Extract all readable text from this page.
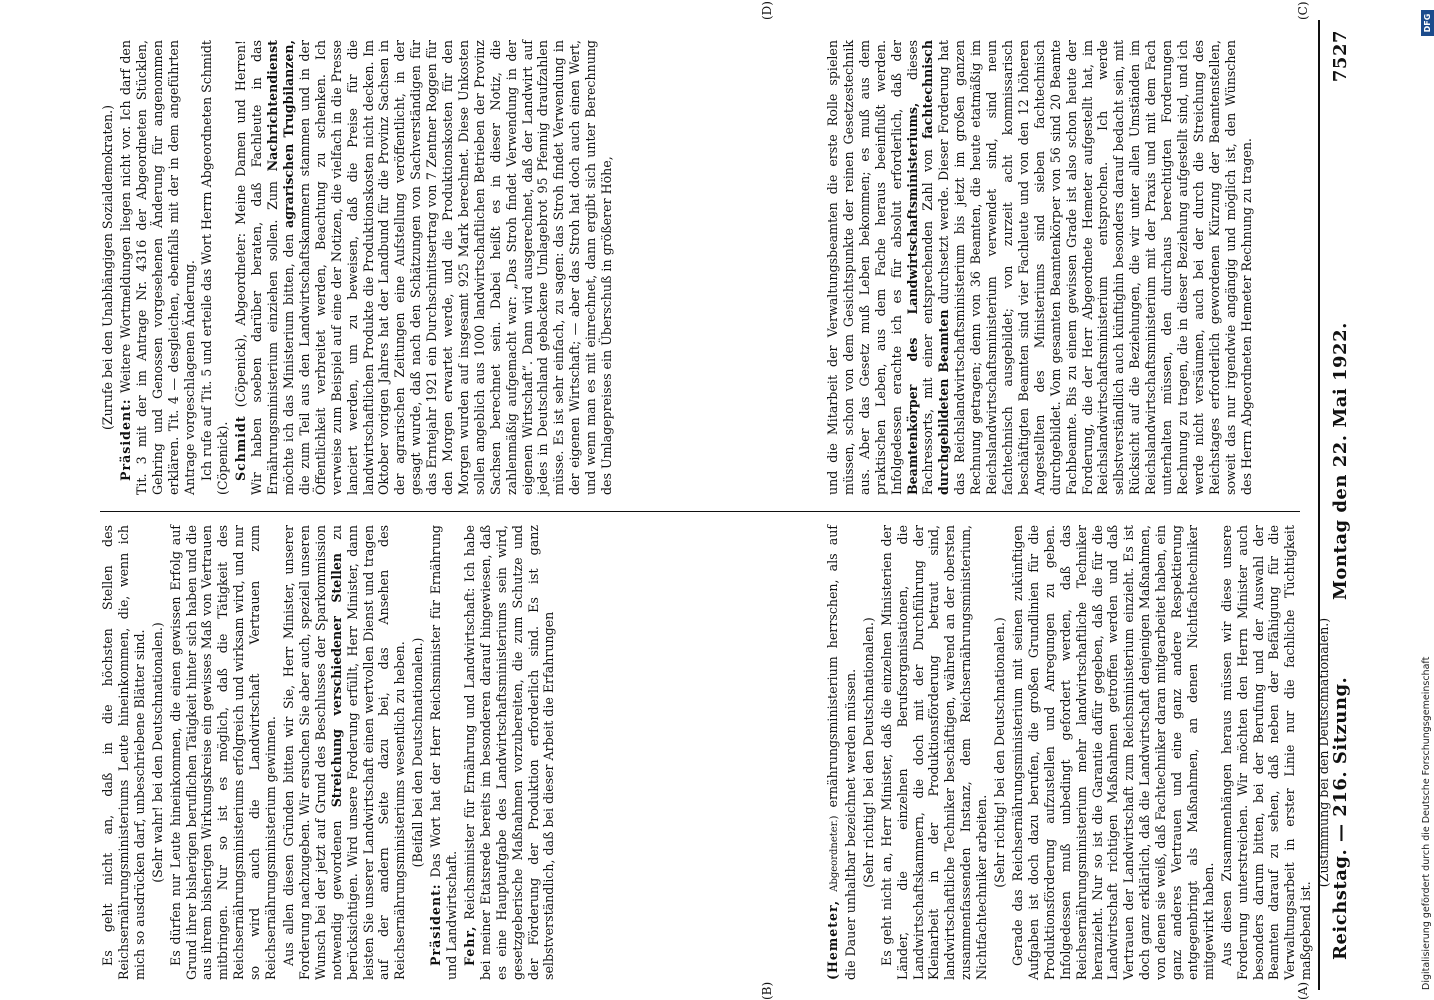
Reichstag. — 216. Sitzung.
Montag den 22. Mai 1922.
7527
(A)
(B)
(C)
(D)

(Hemeter, Abgeordneter.) ernährungsministerium herrschen, als auf die Dauer unhaltbar bezeichnet werden müssen. (Sehr richtig! bei den Deutschnationalen.) Es geht nicht an, Herr Minister, daß die einzelnen Ministerien der Länder, die einzelnen Berufsorganisationen, die Landwirtschaftskammern, die doch mit der Durchführung der Kleinarbeit in der Produktionsförderung betraut sind, landwirtschaftliche Techniker beschäftigen, während an der obersten zusammenfassenden Instanz, dem Reichsernährungsministerium, Nichtfachtechniker arbeiten. (Sehr richtig! bei den Deutschnationalen.) Gerade das Reichsernährungsministerium mit seinen zukünftigen Aufgaben ist doch dazu berufen, die großen Grundlinien für die Produktionsförderung aufzustellen und Anregungen zu geben. Infolgedessen muß unbedingt gefordert werden, daß das Reichsernährungsministerium mehr landwirtschaftliche Techniker heranzieht. Nur so ist die Garantie dafür gegeben, daß die für die Landwirtschaft richtigen Maßnahmen getroffen werden und daß Vertrauen der Landwirtschaft zum Reichsministerium einzieht. Es ist doch ganz erklärlich, daß die Landwirtschaft denjenigen Maßnahmen, von denen sie weiß, daß Fachtechniker daran mitgearbeitet haben, ein ganz anderes Vertrauen und eine ganz andere Respektierung entgegenbringt als Maßnahmen, an denen Nichtfachtechniker mitgewirkt haben. Aus diesen Zusammenhängen heraus müssen wir diese unsere Forderung unterstreichen. Wir möchten den Herrn Minister auch besonders darum bitten, bei der Berufung und der Auswahl der Beamten darauf zu sehen, daß neben der Befähigung für die Verwaltungsarbeit in erster Linie nur die fachliche Tüchtigkeit maßgebend ist.

(Zustimmung bei den Deutschnationalen.)

Es geht nicht an, daß in die höchsten Stellen des Reichsernährungsministeriums Leute hineinkommen, die, wenn ich mich so ausdrücken darf, unbeschriebene Blätter sind. (Sehr wahr! bei den Deutschnationalen.) Es dürfen nur Leute hineinkommen, die einen gewissen Erfolg auf Grund ihrer bisherigen beruflichen Tätigkeit hinter sich haben und die aus ihrem bisherigen Wirkungskreise ein gewisses Maß von Vertrauen mitbringen. Nur so ist es möglich, daß die Tätigkeit des Reichsernährungsministeriums erfolgreich und wirksam wird, und nur so wird auch die Landwirtschaft Vertrauen zum Reichsernährungsministerium gewinnen. Aus allen diesen Gründen bitten wir Sie, Herr Minister, unserer Forderung nachzugeben. Wir ersuchen Sie aber auch, speziell unseren Wunsch bei der jetzt auf Grund des Beschlusses der Sparkommission notwendig gewordenen Streichung verschiedener Stellen zu berücksichtigen. Wird unsere Forderung erfüllt, Herr Minister, dann leisten Sie unserer Landwirtschaft einen wertvollen Dienst und tragen auf der andern Seite dazu bei, das Ansehen des Reichsernährungsministeriums wesentlich zu heben. (Beifall bei den Deutschnationalen.)

Präsident: Das Wort hat der Herr Reichsminister für Ernährung und Landwirtschaft. Fehr, Reichsminister für Ernährung und Landwirtschaft: Ich habe bei meiner Etatsrede bereits im besonderen darauf hingewiesen, daß es eine Hauptaufgabe des Landwirtschaftsministeriums sein wird, gesetzgeberische Maßnahmen vorzubereiten, die zum Schutze und der Förderung der Produktion erforderlich sind. Es ist ganz selbstverständlich, daß bei dieser Arbeit die Erfahrungen

und die Mitarbeit der Verwaltungsbeamten die erste Rolle spielen müssen, schon von dem Gesichtspunkte der reinen Gesetzestechnik aus. Aber das Gesetz muß Leben bekommen; es muß aus dem praktischen Leben, aus dem Fache heraus beeinflußt werden. Infolgedessen erachte ich es für absolut erforderlich, daß der Beamtenkörper des Landwirtschaftsministeriums, dieses Fachressorts, mit einer entsprechenden Zahl von fachtechnisch durchgebildeten Beamten durchsetzt werde. Dieser Forderung hat das Reichslandwirtschaftsministerium bis jetzt im großen ganzen Rechnung getragen; denn von 36 Beamten, die heute etatmäßig im Reichslandwirtschaftsministerium verwendet sind, sind neun fachtechnisch ausgebildet; von zurzeit acht kommissarisch beschäftigten Beamten sind vier Fachleute und von den 12 höheren Angestellten des Ministeriums sind sieben fachtechnisch durchgebildet. Vom gesamten Beamtenkörper von 56 sind 20 Beamte Fachbeamte. Bis zu einem gewissen Grade ist also schon heute der Forderung, die der Herr Abgeordnete Hemeter aufgestellt hat, im Reichslandwirtschaftsministerium entsprochen. Ich werde selbstverständlich auch künftighin besonders darauf bedacht sein, mit Rücksicht auf die Beziehungen, die wir unter allen Umständen im Reichslandwirtschaftsministerium mit der Praxis und mit dem Fach unterhalten müssen, den durchaus berechtigten Forderungen Rechnung zu tragen, die in dieser Beziehung aufgestellt sind, und ich werde nicht versäumen, auch bei der durch die Streichung des Reichstages erforderlich gewordenen Kürzung der Beamtenstellen, soweit das nur irgendwie angängig und möglich ist, den Wünschen des Herrn Abgeordneten Hemeter Rechnung zu tragen.

(Zurufe bei den Unabhängigen Sozialdemokraten.)

Präsident: Weitere Wortmeldungen liegen nicht vor. Ich darf den Tit. 3 mit der im Antrage Nr. 4316 der Abgeordneten Stücklen, Gehring und Genossen vorgesehenen Änderung für angenommen erklären. Tit. 4 — desgleichen, ebenfalls mit der in dem angeführten Antrage vorgeschlagenen Änderung. Ich rufe auf Tit. 5 und erteile das Wort Herrn Abgeordneten Schmidt (Cöpenick). Schmidt (Cöpenick), Abgeordneter: Meine Damen und Herren! Wir haben soeben darüber beraten, daß Fachleute in das Ernährungsministerium einziehen sollen. Zum Nachrichtendienst möchte ich das Ministerium bitten, den agrarischen Trugbilanzen, die zum Teil aus den Landwirtschaftskammern stammen und in der Öffentlichkeit verbreitet werden, Beachtung zu schenken. Ich verweise zum Beispiel auf eine der Notizen, die vielfach in die Presse lanciert werden, um zu beweisen, daß die Preise für die landwirtschaftlichen Produkte die Produktionskosten nicht decken. Im Oktober vorigen Jahres hat der Landbund für die Provinz Sachsen in der agrarischen Zeitungen eine Aufstellung veröffentlicht, in der gesagt wurde, daß nach den Schätzungen von Sachverständigen für das Erntejahr 1921 ein Durchschnittsertrag von 7 Zentner Roggen für den Morgen erwartet werde, und die Produktionskosten für den Morgen wurden auf insgesamt 925 Mark berechnet. Diese Unkosten sollen angeblich aus 1000 landwirtschaftlichen Betrieben der Provinz Sachsen berechnet sein. Dabei heißt es in dieser Notiz, die zahlenmäßig aufgemacht war: „Das Stroh findet Verwendung in der eigenen Wirtschaft“. Dann wird ausgerechnet, daß der Landwirt auf jedes in Deutschland gebackene Umlagebrot 95 Pfennig draufzahlen müsse. Es ist sehr einfach, zu sagen: das Stroh findet Verwendung in der eigenen Wirtschaft; — aber das Stroh hat doch auch einen Wert, und wenn man es mit einrechnet, dann ergibt sich unter Berechnung des Umlagepreises ein Überschuß in größerer Höhe,

DFG
Digitalisierung gefördert durch die Deutsche Forschungsgemeinschaft
